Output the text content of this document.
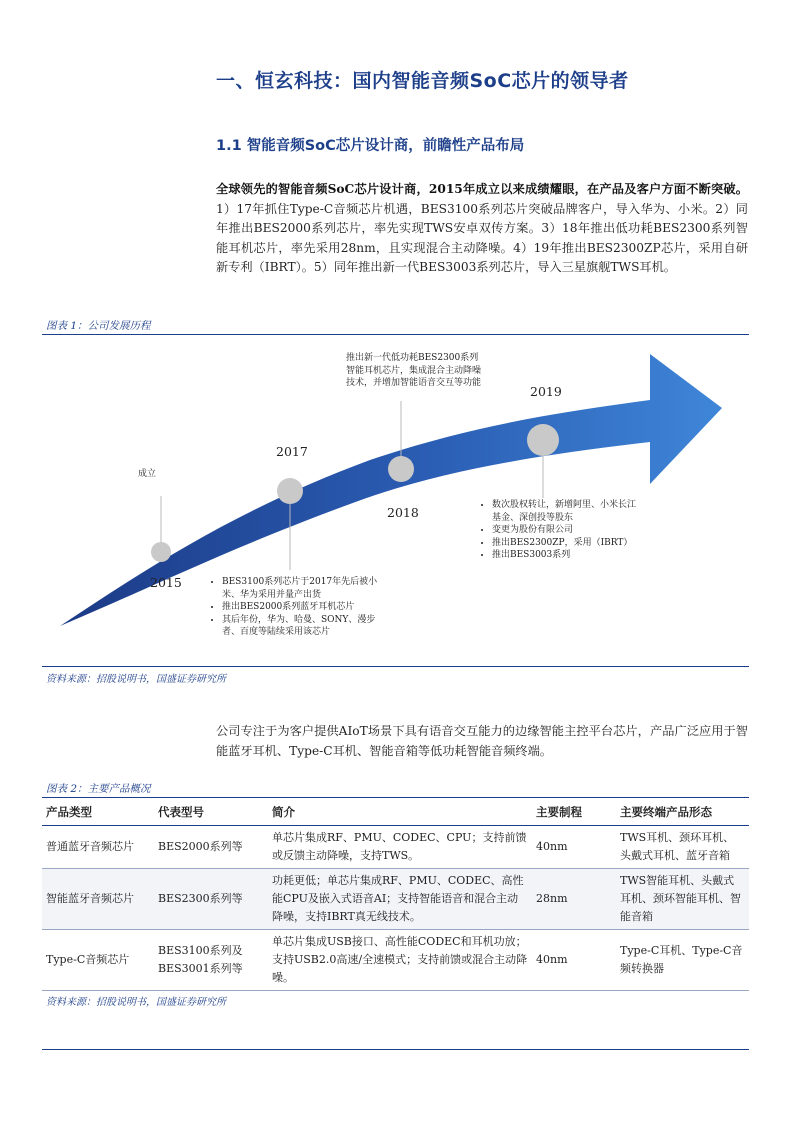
一、恒玄科技：国内智能音频SoC芯片的领导者
1.1 智能音频SoC芯片设计商，前瞻性产品布局
全球领先的智能音频SoC芯片设计商，2015年成立以来成绩耀眼，在产品及客户方面不断突破。1）17年抓住Type-C音频芯片机遇，BES3100系列芯片突破品牌客户，导入华为、小米。2）同年推出BES2000系列芯片，率先实现TWS安卓双传方案。3）18年推出低功耗BES2300系列智能耳机芯片，率先采用28nm，且实现混合主动降噪。4）19年推出BES2300ZP芯片，采用自研新专利（IBRT）。5）同年推出新一代BES3003系列芯片，导入三星旗舰TWS耳机。
图表 1：公司发展历程
成立
2015
2017
2018
2019
推出新一代低功耗BES2300系列智能耳机芯片，集成混合主动降噪技术，并增加智能语音交互等功能
• BES3100系列芯片于2017年先后被小米、华为采用并量产出货
• 推出BES2000系列蓝牙耳机芯片
• 其后年份，华为、哈曼、SONY、漫步者、百度等陆续采用该芯片
• 数次股权转让，新增阿里、小米长江基金、深创投等股东
• 变更为股份有限公司
• 推出BES2300ZP，采用（IBRT）
• 推出BES3003系列
资料来源：招股说明书，国盛证券研究所
公司专注于为客户提供AIoT场景下具有语音交互能力的边缘智能主控平台芯片，产品广泛应用于智能蓝牙耳机、Type-C耳机、智能音箱等低功耗智能音频终端。
图表 2：主要产品概况
产品类型	代表型号	简介	主要制程	主要终端产品形态
普通蓝牙音频芯片	BES2000系列等	单芯片集成RF、PMU、CODEC、CPU；支持前馈或反馈主动降噪，支持TWS。	40nm	TWS耳机、颈环耳机、头戴式耳机、蓝牙音箱
智能蓝牙音频芯片	BES2300系列等	功耗更低；单芯片集成RF、PMU、CODEC、高性能CPU及嵌入式语音AI；支持智能语音和混合主动降噪，支持IBRT真无线技术。	28nm	TWS智能耳机、头戴式耳机、颈环智能耳机、智能音箱
Type-C音频芯片	BES3100系列及BES3001系列等	单芯片集成USB接口、高性能CODEC和耳机功放；支持USB2.0高速/全速模式；支持前馈或混合主动降噪。	40nm	Type-C耳机、Type-C音频转换器
资料来源：招股说明书，国盛证券研究所
